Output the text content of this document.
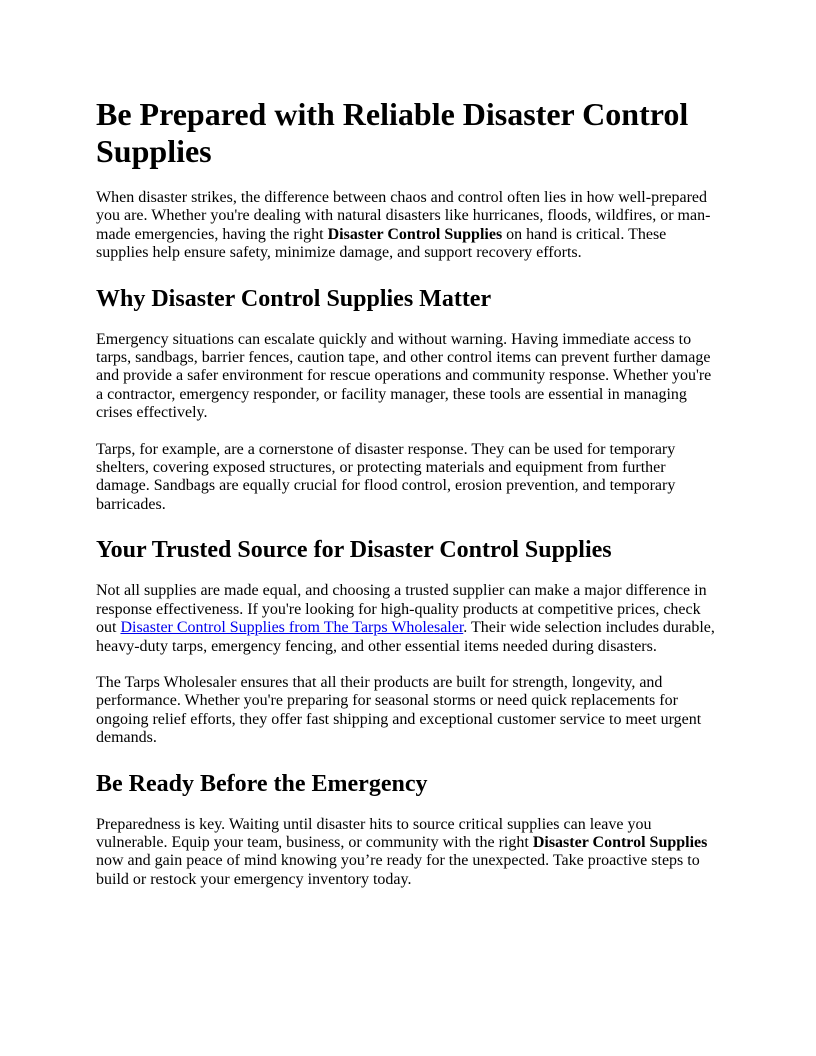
Be Prepared with Reliable Disaster Control Supplies

When disaster strikes, the difference between chaos and control often lies in how well-prepared you are. Whether you're dealing with natural disasters like hurricanes, floods, wildfires, or man-made emergencies, having the right Disaster Control Supplies on hand is critical. These supplies help ensure safety, minimize damage, and support recovery efforts.

Why Disaster Control Supplies Matter

Emergency situations can escalate quickly and without warning. Having immediate access to tarps, sandbags, barrier fences, caution tape, and other control items can prevent further damage and provide a safer environment for rescue operations and community response. Whether you're a contractor, emergency responder, or facility manager, these tools are essential in managing crises effectively.

Tarps, for example, are a cornerstone of disaster response. They can be used for temporary shelters, covering exposed structures, or protecting materials and equipment from further damage. Sandbags are equally crucial for flood control, erosion prevention, and temporary barricades.

Your Trusted Source for Disaster Control Supplies

Not all supplies are made equal, and choosing a trusted supplier can make a major difference in response effectiveness. If you're looking for high-quality products at competitive prices, check out Disaster Control Supplies from The Tarps Wholesaler. Their wide selection includes durable, heavy-duty tarps, emergency fencing, and other essential items needed during disasters.

The Tarps Wholesaler ensures that all their products are built for strength, longevity, and performance. Whether you're preparing for seasonal storms or need quick replacements for ongoing relief efforts, they offer fast shipping and exceptional customer service to meet urgent demands.

Be Ready Before the Emergency

Preparedness is key. Waiting until disaster hits to source critical supplies can leave you vulnerable. Equip your team, business, or community with the right Disaster Control Supplies now and gain peace of mind knowing you’re ready for the unexpected. Take proactive steps to build or restock your emergency inventory today.
